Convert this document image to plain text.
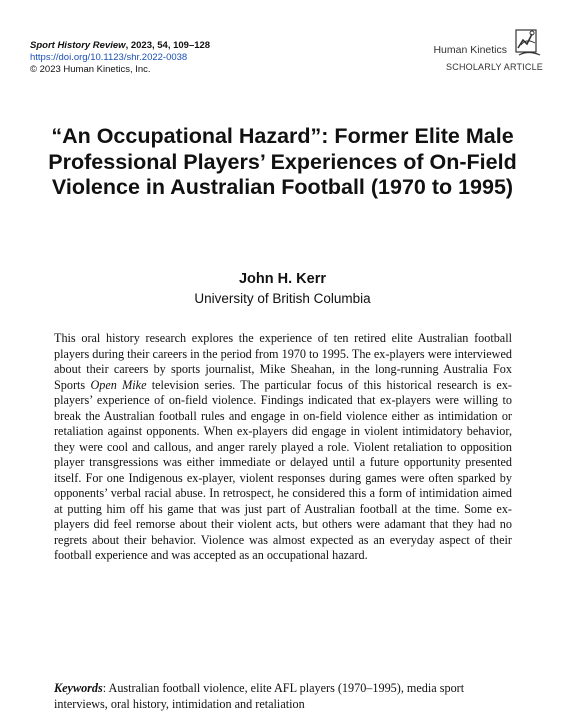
Sport History Review, 2023, 54, 109–128
https://doi.org/10.1123/shr.2022-0038
© 2023 Human Kinetics, Inc.
Human Kinetics
SCHOLARLY ARTICLE
“An Occupational Hazard”: Former Elite Male Professional Players’ Experiences of On-Field Violence in Australian Football (1970 to 1995)
John H. Kerr
University of British Columbia

This oral history research explores the experience of ten retired elite Australian football players during their careers in the period from 1970 to 1995. The ex-players were interviewed about their careers by sports journalist, Mike Sheahan, in the long-running Australia Fox Sports Open Mike television series. The particular focus of this historical research is ex-players’ experience of on-field violence. Findings indicated that ex-players were willing to break the Australian football rules and engage in on-field violence either as intimidation or retaliation against opponents. When ex-players did engage in violent intimidatory behavior, they were cool and callous, and anger rarely played a role. Violent retaliation to opposition player transgressions was either immediate or delayed until a future opportunity presented itself. For one Indigenous ex-player, violent responses during games were often sparked by opponents’ verbal racial abuse. In retrospect, he considered this a form of intimidation aimed at putting him off his game that was just part of Australian football at the time. Some ex-players did feel remorse about their violent acts, but others were adamant that they had no regrets about their behavior. Violence was almost expected as an everyday aspect of their football experience and was accepted as an occupational hazard.

Keywords: Australian football violence, elite AFL players (1970–1995), media sport interviews, oral history, intimidation and retaliation
